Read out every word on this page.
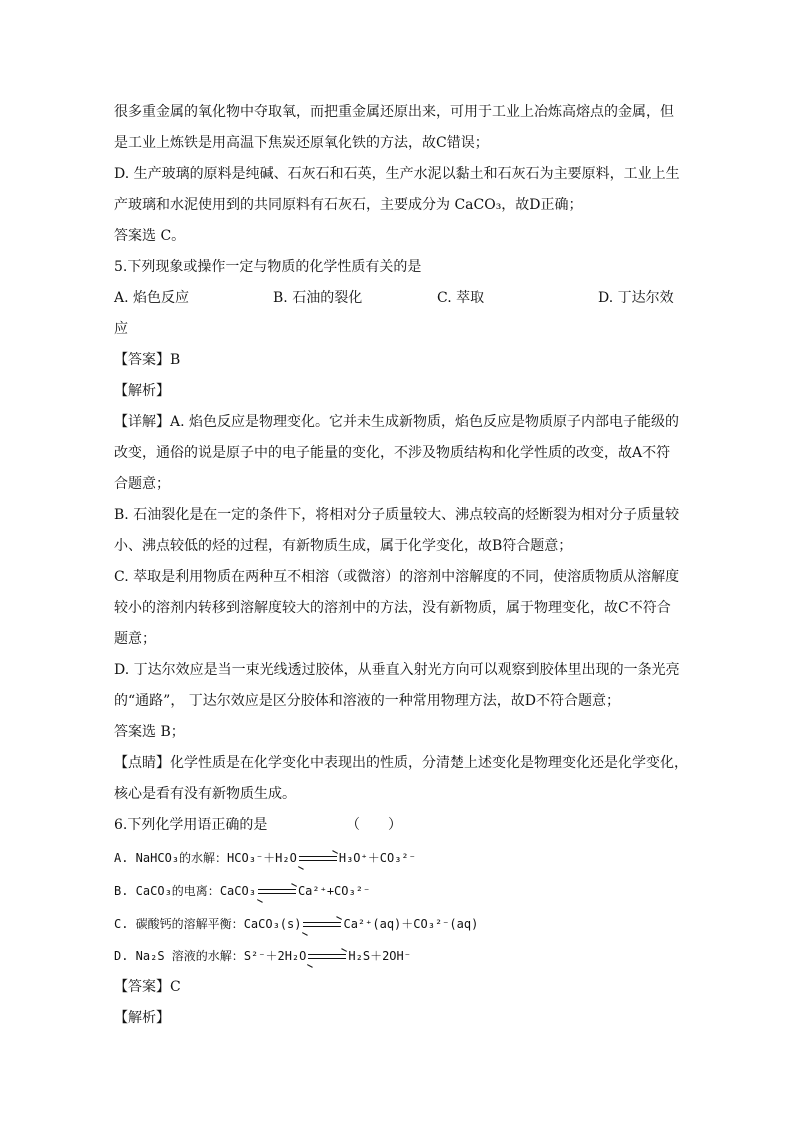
很多重金属的氧化物中夺取氧，而把重金属还原出来，可用于工业上冶炼高熔点的金属，但
是工业上炼铁是用高温下焦炭还原氧化铁的方法，故C错误；
D. 生产玻璃的原料是纯碱、石灰石和石英，生产水泥以黏土和石灰石为主要原料，工业上生
产玻璃和水泥使用到的共同原料有石灰石，主要成分为 CaCO₃，故D正确；
答案选 C。
5.下列现象或操作一定与物质的化学性质有关的是
A. 焰色反应	B. 石油的裂化	C. 萃取	D. 丁达尔效
应
【答案】B
【解析】
【详解】A. 焰色反应是物理变化。它并未生成新物质，焰色反应是物质原子内部电子能级的
改变，通俗的说是原子中的电子能量的变化，不涉及物质结构和化学性质的改变，故A不符
合题意；
B. 石油裂化是在一定的条件下，将相对分子质量较大、沸点较高的烃断裂为相对分子质量较
小、沸点较低的烃的过程，有新物质生成，属于化学变化，故B符合题意；
C. 萃取是利用物质在两种互不相溶（或微溶）的溶剂中溶解度的不同，使溶质物质从溶解度
较小的溶剂内转移到溶解度较大的溶剂中的方法，没有新物质，属于物理变化，故C不符合
题意；
D. 丁达尔效应是当一束光线透过胶体，从垂直入射光方向可以观察到胶体里出现的一条光亮
的“通路”， 丁达尔效应是区分胶体和溶液的一种常用物理方法，故D不符合题意；
答案选 B；
【点睛】化学性质是在化学变化中表现出的性质，分清楚上述变化是物理变化还是化学变化，
核心是看有没有新物质生成。
6.下列化学用语正确的是	（　　）
A. NaHCO₃的水解：HCO₃⁻＋H₂O → H₃O⁺＋CO₃²⁻
B. CaCO₃的电离：CaCO₃ → Ca²⁺+CO₃²⁻
C. 碳酸钙的溶解平衡：CaCO₃(s) → Ca²⁺(aq)＋CO₃²⁻(aq)
D. Na₂S 溶液的水解：S²⁻＋2H₂O → H₂S＋2OH⁻
【答案】C
【解析】
